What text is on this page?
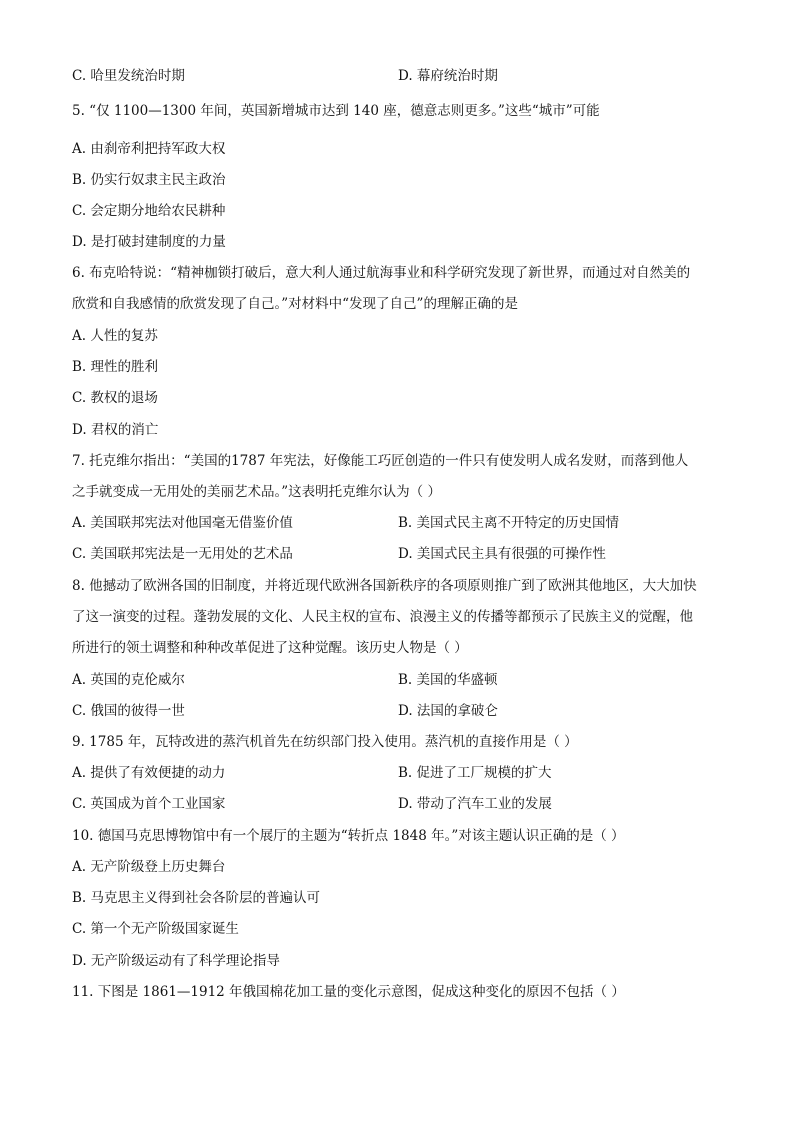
C. 哈里发统治时期	D. 幕府统治时期
5. “仅 1100—1300 年间，英国新增城市达到 140 座，德意志则更多。”这些“城市”可能
A. 由刹帝利把持军政大权
B. 仍实行奴隶主民主政治
C. 会定期分地给农民耕种
D. 是打破封建制度的力量
6. 布克哈特说：“精神枷锁打破后，意大利人通过航海事业和科学研究发现了新世界，而通过对自然美的
欣赏和自我感情的欣赏发现了自己。”对材料中“发现了自己”的理解正确的是
A. 人性的复苏
B. 理性的胜利
C. 教权的退场
D. 君权的消亡
7. 托克维尔指出：“美国的1787 年宪法，好像能工巧匠创造的一件只有使发明人成名发财，而落到他人
之手就变成一无用处的美丽艺术品。”这表明托克维尔认为（ ）
A. 美国联邦宪法对他国毫无借鉴价值	B. 美国式民主离不开特定的历史国情
C. 美国联邦宪法是一无用处的艺术品	D. 美国式民主具有很强的可操作性
8. 他撼动了欧洲各国的旧制度，并将近现代欧洲各国新秩序的各项原则推广到了欧洲其他地区，大大加快
了这一演变的过程。蓬勃发展的文化、人民主权的宣布、浪漫主义的传播等都预示了民族主义的觉醒，他
所进行的领土调整和种种改革促进了这种觉醒。该历史人物是（ ）
A. 英国的克伦威尔	B. 美国的华盛顿
C. 俄国的彼得一世	D. 法国的拿破仑
9. 1785 年，瓦特改进的蒸汽机首先在纺织部门投入使用。蒸汽机的直接作用是（ ）
A. 提供了有效便捷的动力	B. 促进了工厂规模的扩大
C. 英国成为首个工业国家	D. 带动了汽车工业的发展
10. 德国马克思博物馆中有一个展厅的主题为“转折点 1848 年。”对该主题认识正确的是（ ）
A. 无产阶级登上历史舞台
B. 马克思主义得到社会各阶层的普遍认可
C. 第一个无产阶级国家诞生
D. 无产阶级运动有了科学理论指导
11. 下图是 1861—1912 年俄国棉花加工量的变化示意图，促成这种变化的原因不包括（ ）
